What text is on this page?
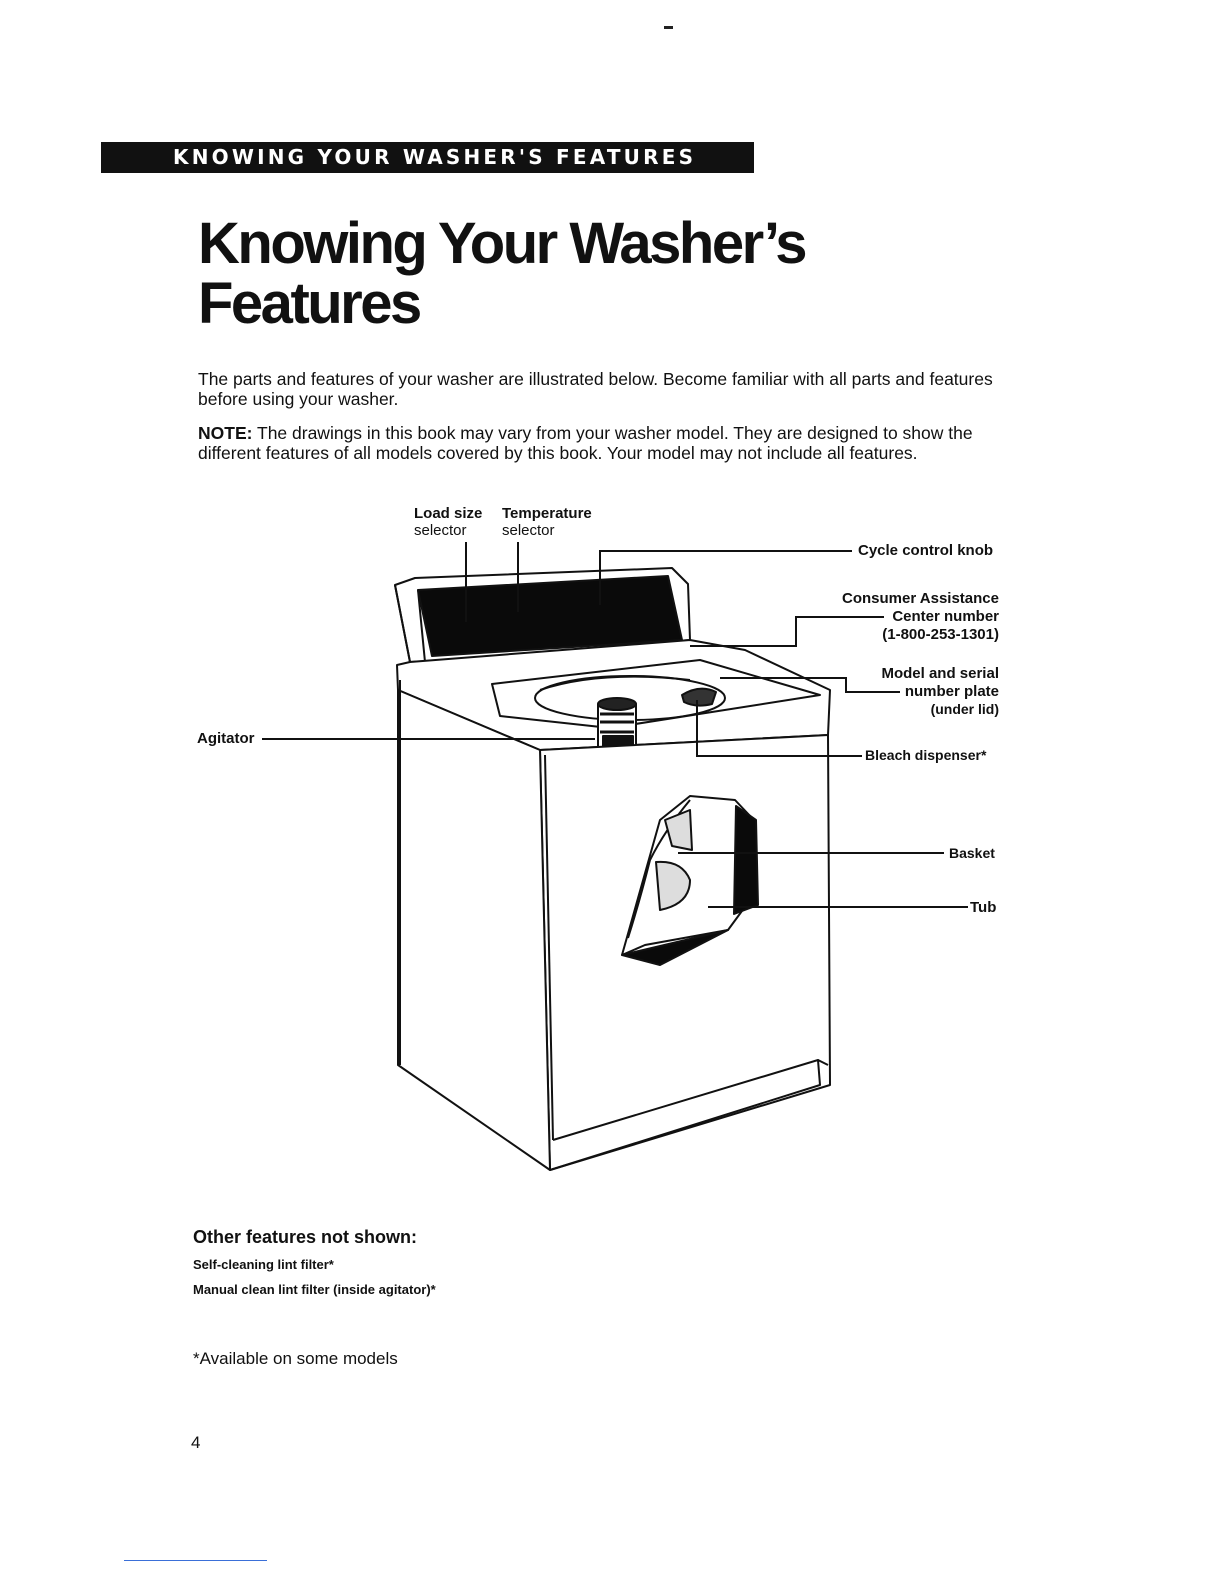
KNOWING YOUR WASHER'S FEATURES
Knowing Your Washer’s
Features

The parts and features of your washer are illustrated below. Become familiar with all parts and features before using your washer.

NOTE: The drawings in this book may vary from your washer model. They are designed to show the different features of all models covered by this book. Your model may not include all features.

Load size
selector
Temperature
selector
Cycle control knob
Consumer Assistance
Center number
(1-800-253-1301)
Model and serial
number plate
(under lid)
Agitator
Bleach dispenser*
Basket
Tub
Other features not shown:
Self-cleaning lint filter*
Manual clean lint filter (inside agitator)*
*Available on some models
4
